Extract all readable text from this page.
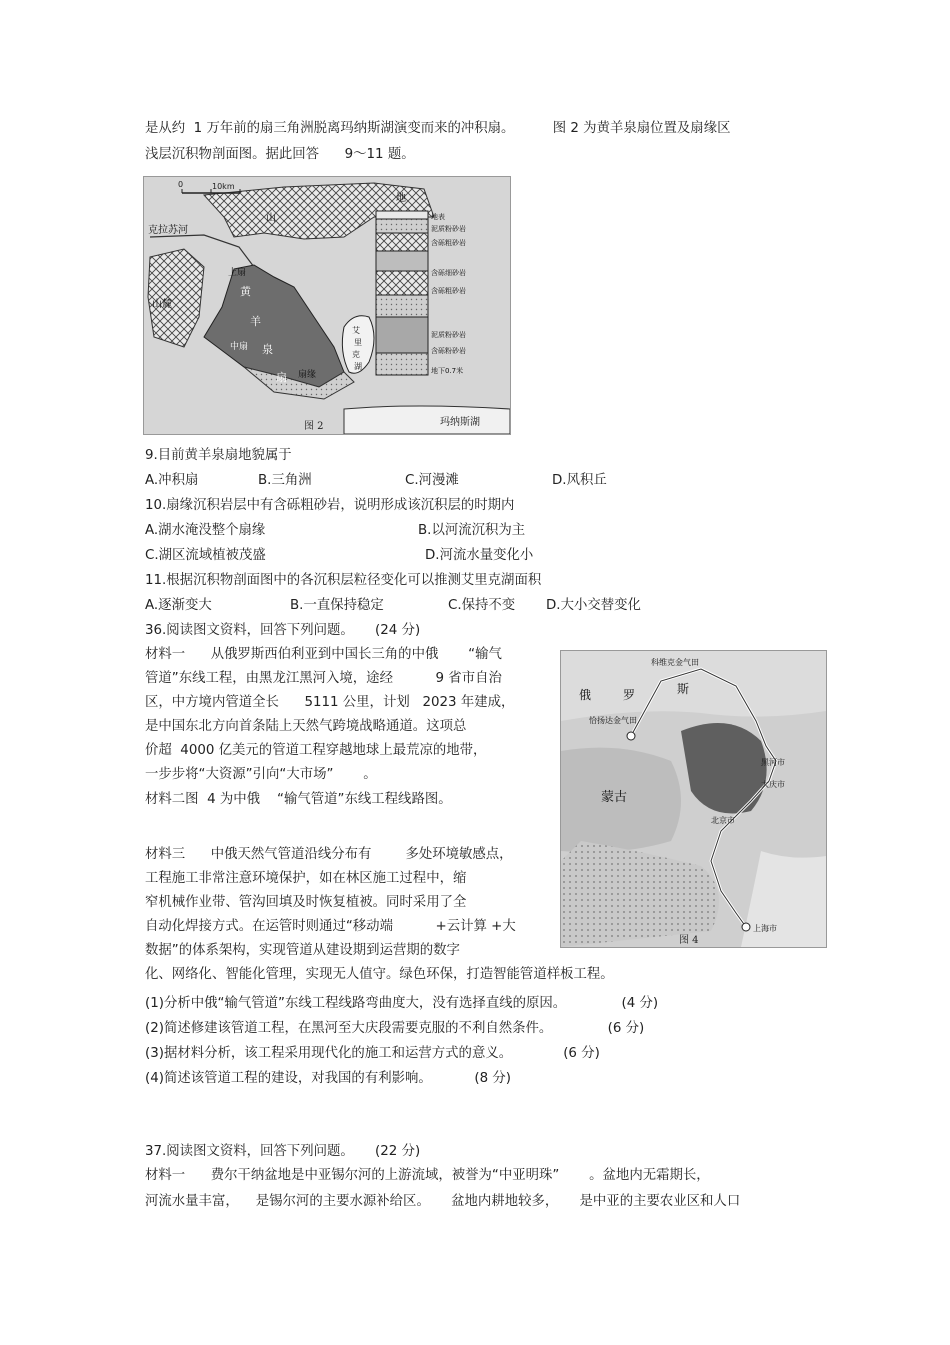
是从约  1 万年前的扇三角洲脱离玛纳斯湖演变而来的冲积扇。         图 2 为黄羊泉扇位置及扇缘区
浅层沉积物剖面图。据此回答      9～11 题。
0	10km
克拉苏河
山
地
山麓
上扇
黄
羊
中扇 泉
扇 扇缘
艾
里
克
湖
玛纳斯湖
地表
泥质粉砂岩
含砾粗砂岩
含砾细砂岩
含砾粗砂岩
泥质粉砂岩
含砾粉砂岩
地下0.7米
图 2
9.目前黄羊泉扇地貌属于
A.冲积扇	B.三角洲	C.河漫滩	D.风积丘
10.扇缘沉积岩层中有含砾粗砂岩，说明形成该沉积层的时期内
A.湖水淹没整个扇缘	B.以河流沉积为主
C.湖区流域植被茂盛	D.河流水量变化小
11.根据沉积物剖面图中的各沉积层粒径变化可以推测艾里克湖面积
A.逐渐变大	B.一直保持稳定	C.保持不变 D.大小交替变化
36.阅读图文资料，回答下列问题。     (24 分)
材料一      从俄罗斯西伯利亚到中国长三角的中俄       “输气
管道”东线工程，由黑龙江黑河入境，途经          9 省市自治
区，中方境内管道全长      5111 公里，计划   2023 年建成，
是中国东北方向首条陆上天然气跨境战略通道。这项总
价超  4000 亿美元的管道工程穿越地球上最荒凉的地带，
一步步将“大资源”引向“大市场”       。
材料二图  4 为中俄    “输气管道”东线工程线路图。
材料三      中俄天然气管道沿线分布有        多处环境敏感点，
工程施工非常注意环境保护，如在林区施工过程中，缩
窄机械作业带、管沟回填及时恢复植被。同时采用了全
自动化焊接方式。在运管时则通过“移动端          +云计算 +大
数据”的体系架构，实现管道从建设期到运营期的数字
化、网络化、智能化管理，实现无人值守。绿色环保，打造智能管道样板工程。
(1)分析中俄“输气管道”东线工程线路弯曲度大，没有选择直线的原因。             (4 分)
(2)简述修建该管道工程，在黑河至大庆段需要克服的不利自然条件。             (6 分)
(3)据材料分析，该工程采用现代化的施工和运营方式的意义。            (6 分)
(4)简述该管道工程的建设，对我国的有利影响。          (8 分)
科维克金气田
俄	罗	斯
恰扬达金气田
蒙古
黑河市
大庆市
北京市
上海市
图 4
37.阅读图文资料，回答下列问题。     (22 分)
材料一      费尔干纳盆地是中亚锡尔河的上游流域，被誉为“中亚明珠”       。盆地内无霜期长，
河流水量丰富，    是锡尔河的主要水源补给区。     盆地内耕地较多，     是中亚的主要农业区和人口
